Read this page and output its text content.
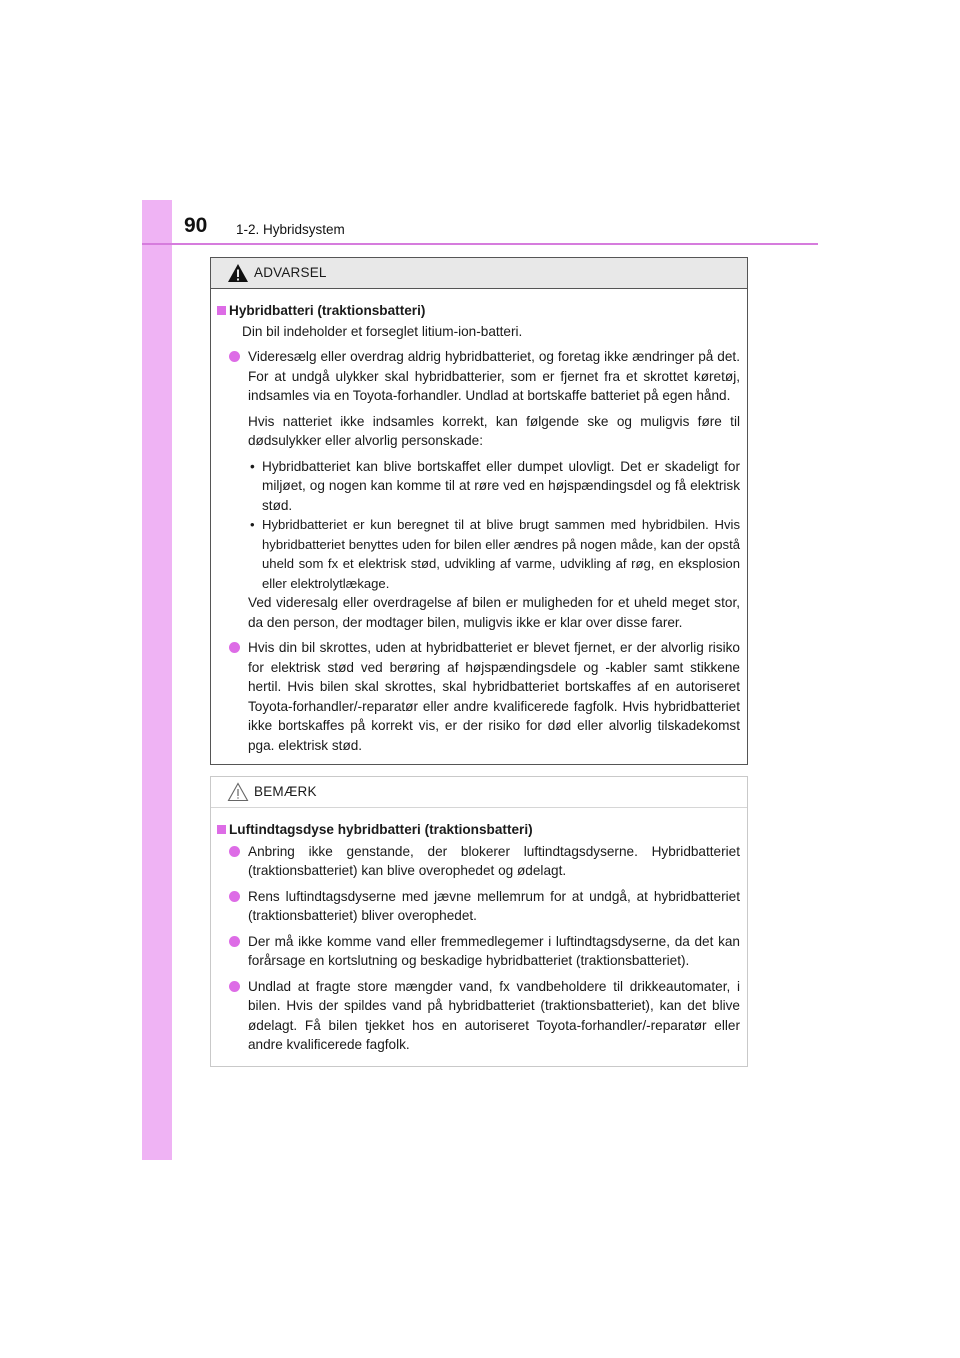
90 1-2. Hybridsystem
ADVARSEL
Hybridbatteri (traktionsbatteri)
Din bil indeholder et forseglet litium-ion-batteri.
Videresælg eller overdrag aldrig hybridbatteriet, og foretag ikke ændringer på det. For at undgå ulykker skal hybridbatterier, som er fjernet fra et skrottet køretøj, indsamles via en Toyota-forhandler. Undlad at bortskaffe batteriet på egen hånd.
Hvis natteriet ikke indsamles korrekt, kan følgende ske og muligvis føre til dødsulykker eller alvorlig personskade:
• Hybridbatteriet kan blive bortskaffet eller dumpet ulovligt. Det er skadeligt for miljøet, og nogen kan komme til at røre ved en højspændingsdel og få elektrisk stød.
• Hybridbatteriet er kun beregnet til at blive brugt sammen med hybridbilen. Hvis hybridbatteriet benyttes uden for bilen eller ændres på nogen måde, kan der opstå uheld som fx et elektrisk stød, udvikling af varme, udvikling af røg, en eksplosion eller elektrolytlækage.
Ved videresalg eller overdragelse af bilen er muligheden for et uheld meget stor, da den person, der modtager bilen, muligvis ikke er klar over disse farer.
Hvis din bil skrottes, uden at hybridbatteriet er blevet fjernet, er der alvorlig risiko for elektrisk stød ved berøring af højspændingsdele og -kabler samt stikkene hertil. Hvis bilen skal skrottes, skal hybridbatteriet bortskaffes af en autoriseret Toyota-forhandler/-reparatør eller andre kvalificerede fagfolk. Hvis hybridbatteriet ikke bortskaffes på korrekt vis, er der risiko for død eller alvorlig tilskadekomst pga. elektrisk stød.
BEMÆRK
Luftindtagsdyse hybridbatteri (traktionsbatteri)
Anbring ikke genstande, der blokerer luftindtagsdyserne. Hybridbatteriet (traktionsbatteriet) kan blive overophedet og ødelagt.
Rens luftindtagsdyserne med jævne mellemrum for at undgå, at hybridbatteriet (traktionsbatteriet) bliver overophedet.
Der må ikke komme vand eller fremmedlegemer i luftindtagsdyserne, da det kan forårsage en kortslutning og beskadige hybridbatteriet (traktionsbatteriet).
Undlad at fragte store mængder vand, fx vandbeholdere til drikkeautomater, i bilen. Hvis der spildes vand på hybridbatteriet (traktionsbatteriet), kan det blive ødelagt. Få bilen tjekket hos en autoriseret Toyota-forhandler/-reparatør eller andre kvalificerede fagfolk.
